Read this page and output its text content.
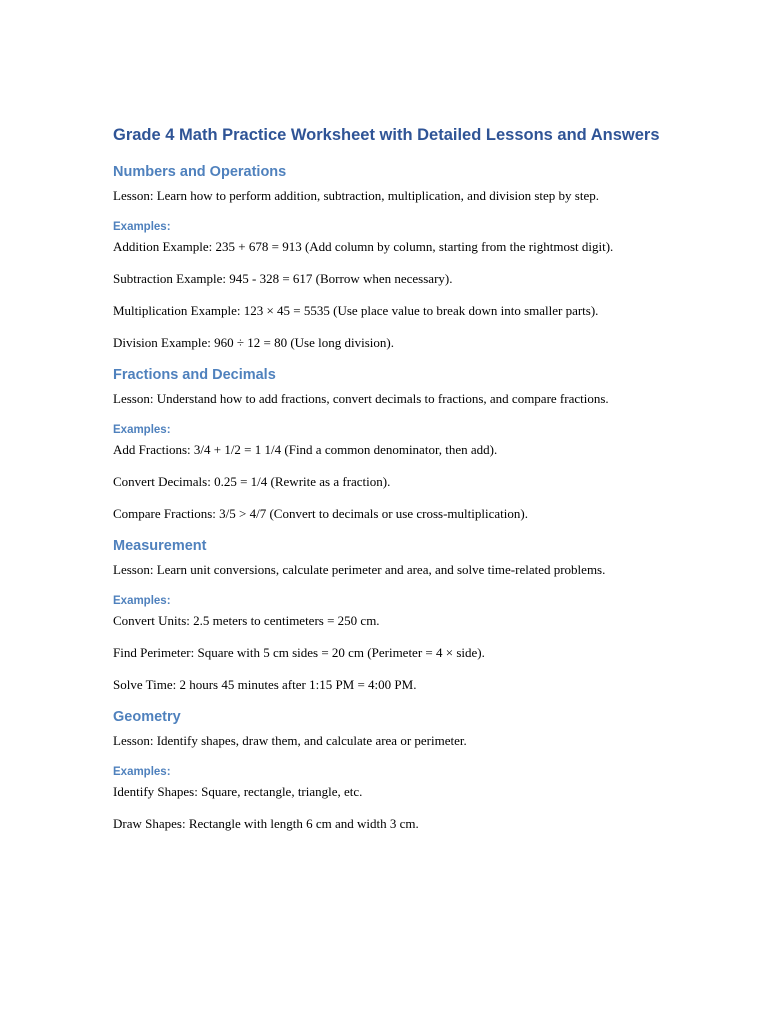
Grade 4 Math Practice Worksheet with Detailed Lessons and Answers
Numbers and Operations

Lesson: Learn how to perform addition, subtraction, multiplication, and division step by step.

Examples:

Addition Example: 235 + 678 = 913 (Add column by column, starting from the rightmost digit).

Subtraction Example: 945 - 328 = 617 (Borrow when necessary).

Multiplication Example: 123 × 45 = 5535 (Use place value to break down into smaller parts).

Division Example: 960 ÷ 12 = 80 (Use long division).

Fractions and Decimals

Lesson: Understand how to add fractions, convert decimals to fractions, and compare fractions.

Examples:

Add Fractions: 3/4 + 1/2 = 1 1/4 (Find a common denominator, then add).

Convert Decimals: 0.25 = 1/4 (Rewrite as a fraction).

Compare Fractions: 3/5 > 4/7 (Convert to decimals or use cross-multiplication).

Measurement

Lesson: Learn unit conversions, calculate perimeter and area, and solve time-related problems.

Examples:

Convert Units: 2.5 meters to centimeters = 250 cm.

Find Perimeter: Square with 5 cm sides = 20 cm (Perimeter = 4 × side).

Solve Time: 2 hours 45 minutes after 1:15 PM = 4:00 PM.

Geometry

Lesson: Identify shapes, draw them, and calculate area or perimeter.

Examples:

Identify Shapes: Square, rectangle, triangle, etc.

Draw Shapes: Rectangle with length 6 cm and width 3 cm.
